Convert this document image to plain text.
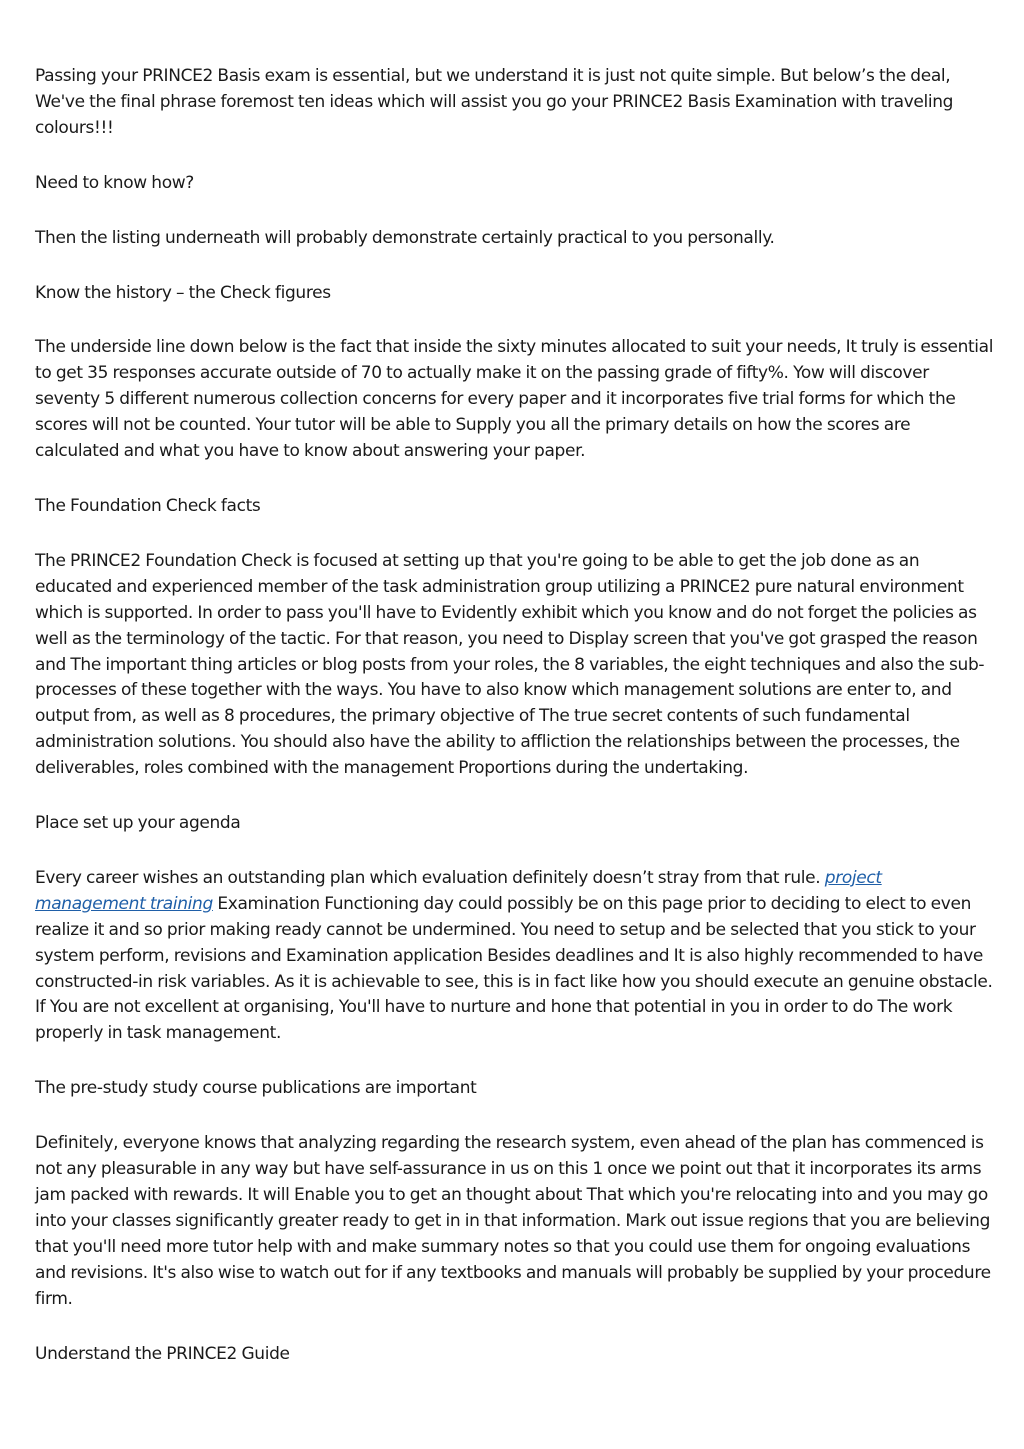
Passing your PRINCE2 Basis exam is essential, but we understand it is just not quite simple. But below’s the deal, We've the final phrase foremost ten ideas which will assist you go your PRINCE2 Basis Examination with traveling colours!!!

Need to know how?

Then the listing underneath will probably demonstrate certainly practical to you personally.

Know the history – the Check figures

The underside line down below is the fact that inside the sixty minutes allocated to suit your needs, It truly is essential to get 35 responses accurate outside of 70 to actually make it on the passing grade of fifty%. Yow will discover seventy 5 different numerous collection concerns for every paper and it incorporates five trial forms for which the scores will not be counted. Your tutor will be able to Supply you all the primary details on how the scores are calculated and what you have to know about answering your paper.

The Foundation Check facts

The PRINCE2 Foundation Check is focused at setting up that you're going to be able to get the job done as an educated and experienced member of the task administration group utilizing a PRINCE2 pure natural environment which is supported. In order to pass you'll have to Evidently exhibit which you know and do not forget the policies as well as the terminology of the tactic. For that reason, you need to Display screen that you've got grasped the reason and The important thing articles or blog posts from your roles, the 8 variables, the eight techniques and also the sub-processes of these together with the ways. You have to also know which management solutions are enter to, and output from, as well as 8 procedures, the primary objective of The true secret contents of such fundamental administration solutions. You should also have the ability to affliction the relationships between the processes, the deliverables, roles combined with the management Proportions during the undertaking.

Place set up your agenda

Every career wishes an outstanding plan which evaluation definitely doesn’t stray from that rule. project management training Examination Functioning day could possibly be on this page prior to deciding to elect to even realize it and so prior making ready cannot be undermined. You need to setup and be selected that you stick to your system perform, revisions and Examination application Besides deadlines and It is also highly recommended to have constructed-in risk variables. As it is achievable to see, this is in fact like how you should execute an genuine obstacle. If You are not excellent at organising, You'll have to nurture and hone that potential in you in order to do The work properly in task management.

The pre-study study course publications are important

Definitely, everyone knows that analyzing regarding the research system, even ahead of the plan has commenced is not any pleasurable in any way but have self-assurance in us on this 1 once we point out that it incorporates its arms jam packed with rewards. It will Enable you to get an thought about That which you're relocating into and you may go into your classes significantly greater ready to get in in that information. Mark out issue regions that you are believing that you'll need more tutor help with and make summary notes so that you could use them for ongoing evaluations and revisions. It's also wise to watch out for if any textbooks and manuals will probably be supplied by your procedure firm.

Understand the PRINCE2 Guide
